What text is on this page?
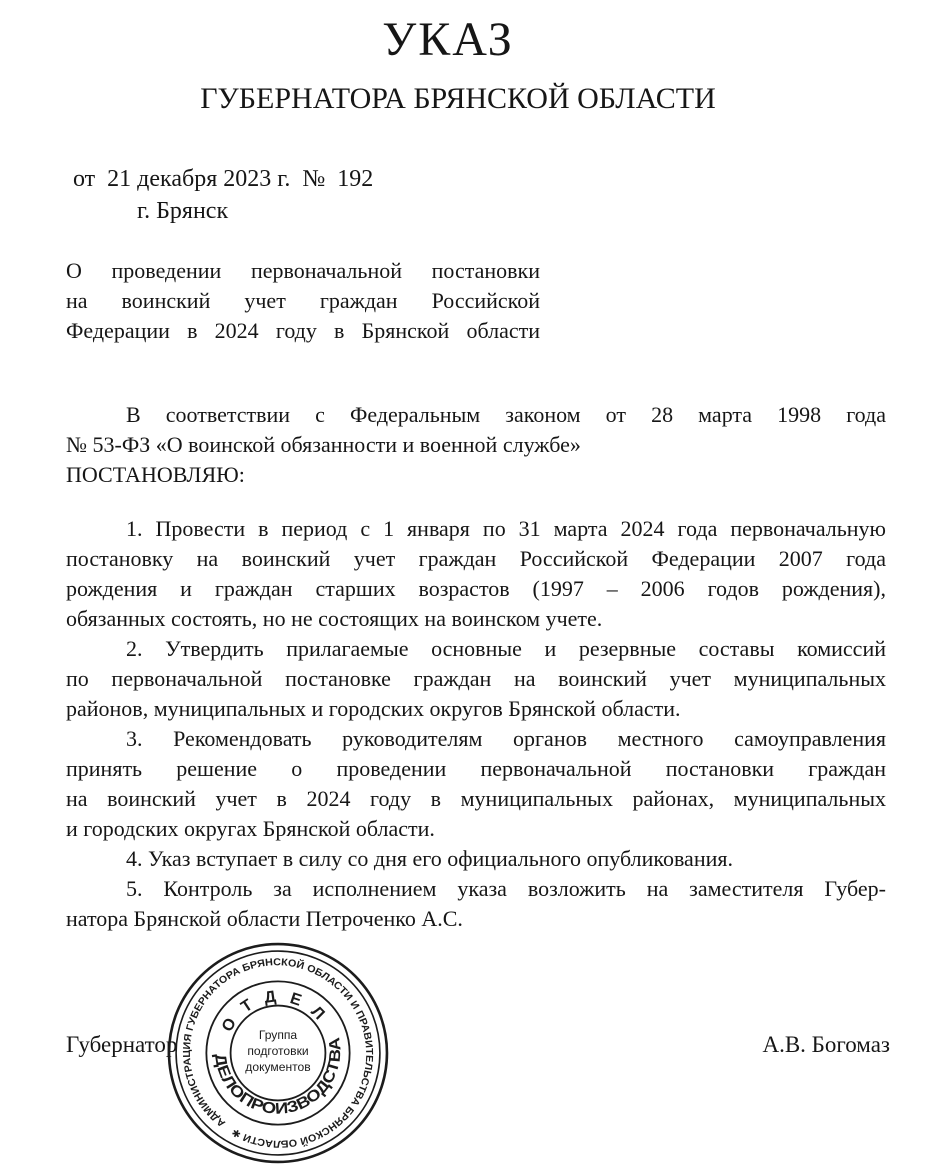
УКАЗ
ГУБЕРНАТОРА БРЯНСКОЙ ОБЛАСТИ
от  21 декабря 2023 г.  №  192
г. Брянск
О проведении первоначальной постановки
на воинский учет граждан Российской
Федерации в 2024 году в Брянской области
В соответствии с Федеральным законом от 28 марта 1998 года
№ 53-ФЗ «О воинской обязанности и военной службе»
ПОСТАНОВЛЯЮ:
1. Провести в период с 1 января по 31 марта 2024 года первоначальную
постановку на воинский учет граждан Российской Федерации 2007 года
рождения и граждан старших возрастов (1997 – 2006 годов рождения),
обязанных состоять, но не состоящих на воинском учете.
2. Утвердить прилагаемые основные и резервные составы комиссий
по первоначальной постановке граждан на воинский учет муниципальных
районов, муниципальных и городских округов Брянской области.
3. Рекомендовать руководителям органов местного самоуправления
принять решение о проведении первоначальной постановки граждан
на воинский учет в 2024 году в муниципальных районах, муниципальных
и городских округах Брянской области.
4. Указ вступает в силу со дня его официального опубликования.
5. Контроль за исполнением указа возложить на заместителя Губер-
натора Брянской области Петроченко А.С.
Губернатор	А.В. Богомаз
АДМИНИСТРАЦИЯ ГУБЕРНАТОРА БРЯНСКОЙ ОБЛАСТИ И ПРАВИТЕЛЬСТВА БРЯНСКОЙ ОБЛАСТИ ✱
ОТДЕЛ
ДЕЛОПРОИЗВОДСТВА
Группа
подготовки
документов
